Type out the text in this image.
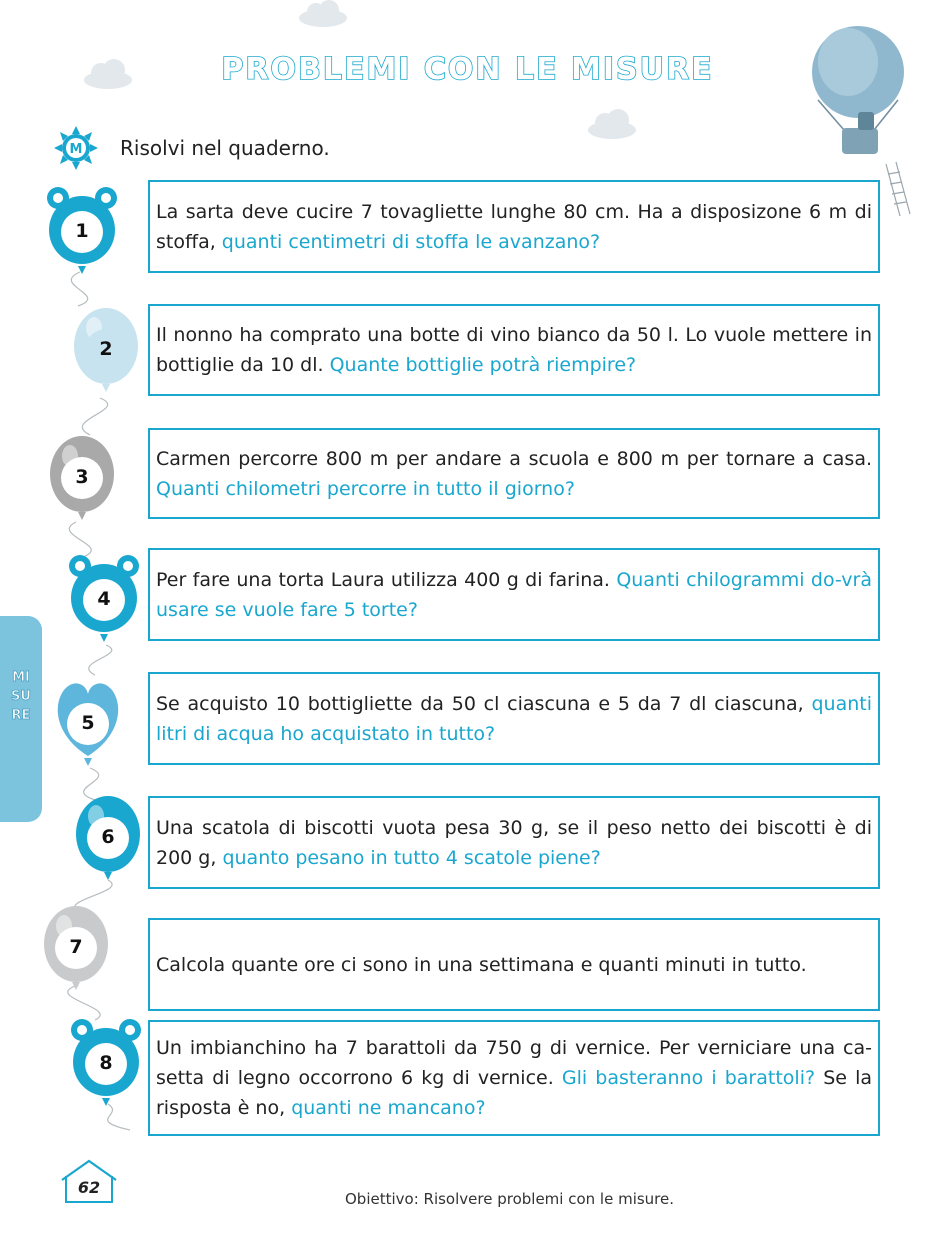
PROBLEMI CON LE MISURE
M Risolvi nel quaderno.
MISURE

La sarta deve cucire 7 tovagliette lunghe 80 cm. Ha a disposizone 6 m di stoffa, quanti centimetri di stoffa le avanzano?

Il nonno ha comprato una botte di vino bianco da 50 l. Lo vuole mettere in bottiglie da 10 dl. Quante bottiglie potrà riempire?

Carmen percorre 800 m per andare a scuola e 800 m per tornare a casa. Quanti chilometri percorre in tutto il giorno?

Per fare una torta Laura utilizza 400 g di farina. Quanti chilogrammi do-vrà usare se vuole fare 5 torte?

Se acquisto 10 bottigliette da 50 cl ciascuna e 5 da 7 dl ciascuna, quanti litri di acqua ho acquistato in tutto?

Una scatola di biscotti vuota pesa 30 g, se il peso netto dei biscotti è di 200 g, quanto pesano in tutto 4 scatole piene?

Calcola quante ore ci sono in una settimana e quanti minuti in tutto.

Un imbianchino ha 7 barattoli da 750 g di vernice. Per verniciare una ca-setta di legno occorrono 6 kg di vernice. Gli basteranno i barattoli? Se la risposta è no, quanti ne mancano?

62
Obiettivo: Risolvere problemi con le misure.
1
2
3
4
5
6
7
8
